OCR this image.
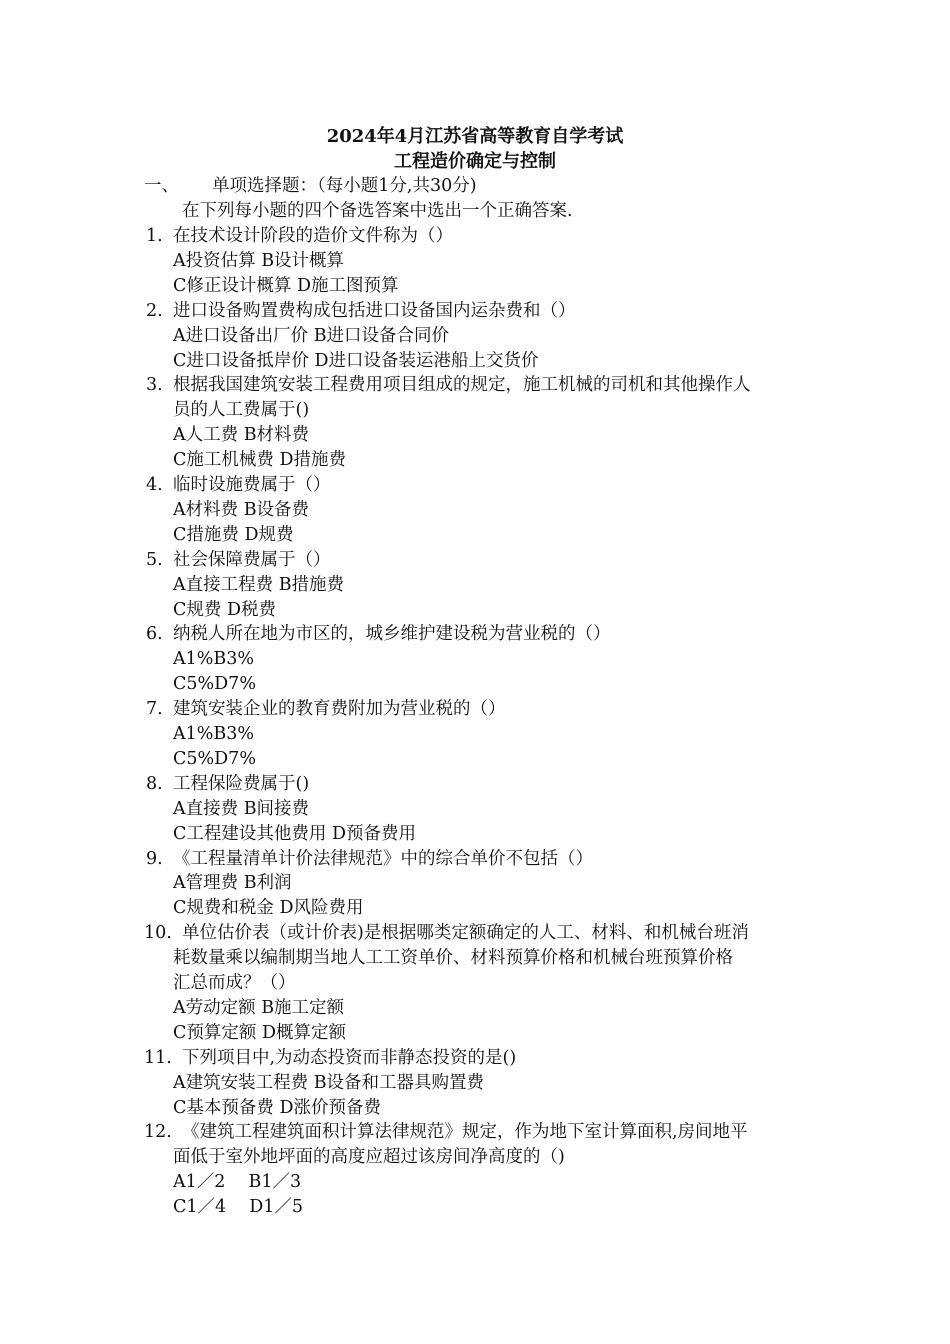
2024年4月江苏省高等教育自学考试
工程造价确定与控制
一、 单项选择题：（每小题1分,共30分)
在下列每小题的四个备选答案中选出一个正确答案.
1. 在技术设计阶段的造价文件称为（）
A投资估算 B设计概算
C修正设计概算 D施工图预算
2. 进口设备购置费构成包括进口设备国内运杂费和（）
A进口设备出厂价 B进口设备合同价
C进口设备抵岸价 D进口设备装运港船上交货价
3. 根据我国建筑安装工程费用项目组成的规定，施工机械的司机和其他操作人
员的人工费属于()
A人工费 B材料费
C施工机械费 D措施费
4. 临时设施费属于（）
A材料费 B设备费
C措施费 D规费
5. 社会保障费属于（）
A直接工程费 B措施费
C规费 D税费
6. 纳税人所在地为市区的，城乡维护建设税为营业税的（）
A1%B3%
C5%D7%
7. 建筑安装企业的教育费附加为营业税的（）
A1%B3%
C5%D7%
8. 工程保险费属于()
A直接费 B间接费
C工程建设其他费用 D预备费用
9. 《工程量清单计价法律规范》中的综合单价不包括（）
A管理费 B利润
C规费和税金 D风险费用
10. 单位估价表（或计价表)是根据哪类定额确定的人工、材料、和机械台班消
耗数量乘以编制期当地人工工资单价、材料预算价格和机械台班预算价格
汇总而成？（）
A劳动定额 B施工定额
C预算定额 D概算定额
11. 下列项目中,为动态投资而非静态投资的是()
A建筑安装工程费 B设备和工器具购置费
C基本预备费 D涨价预备费
12. 《建筑工程建筑面积计算法律规范》规定，作为地下室计算面积,房间地平
面低于室外地坪面的高度应超过该房间净高度的（)
A1／2　 B1／3
C1／4　 D1／5
